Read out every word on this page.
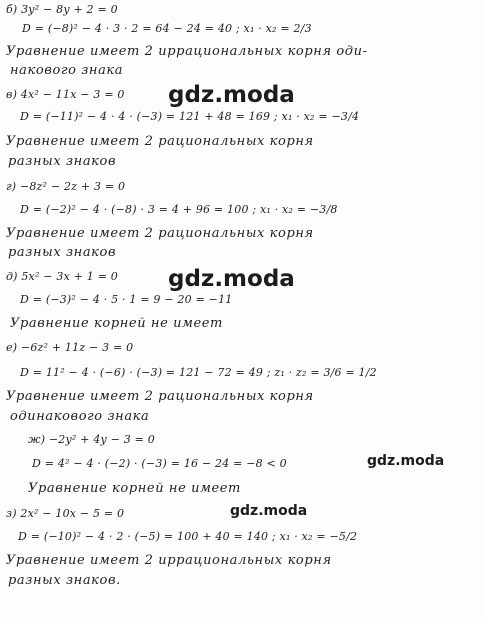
б) 3y² − 8y + 2 = 0
D = (−8)² − 4 · 3 · 2 = 64 − 24 = 40 ; x₁ · x₂ = 2/3
Уравнение имеет 2 иррациональных корня оди-
накового знака
в) 4x² − 11x − 3 = 0
D = (−11)² − 4 · 4 · (−3) = 121 + 48 = 169 ; x₁ · x₂ = −3/4
Уравнение имеет 2 рациональных корня
разных знаков
г) −8z² − 2z + 3 = 0
D = (−2)² − 4 · (−8) · 3 = 4 + 96 = 100 ; x₁ · x₂ = −3/8
Уравнение имеет 2 рациональных корня
разных знаков
д) 5x² − 3x + 1 = 0
D = (−3)² − 4 · 5 · 1 = 9 − 20 = −11
Уравнение корней не имеет
е) −6z² + 11z − 3 = 0
D = 11² − 4 · (−6) · (−3) = 121 − 72 = 49 ; z₁ · z₂ = 3/6 = 1/2
Уравнение имеет 2 рациональных корня
одинакового знака
ж) −2y² + 4y − 3 = 0
D = 4² − 4 · (−2) · (−3) = 16 − 24 = −8 < 0
Уравнение корней не имеет
з) 2x² − 10x − 5 = 0
D = (−10)² − 4 · 2 · (−5) = 100 + 40 = 140 ; x₁ · x₂ = −5/2
Уравнение имеет 2 иррациональных корня
разных знаков.
gdz.moda
gdz.moda
gdz.moda
gdz.moda
